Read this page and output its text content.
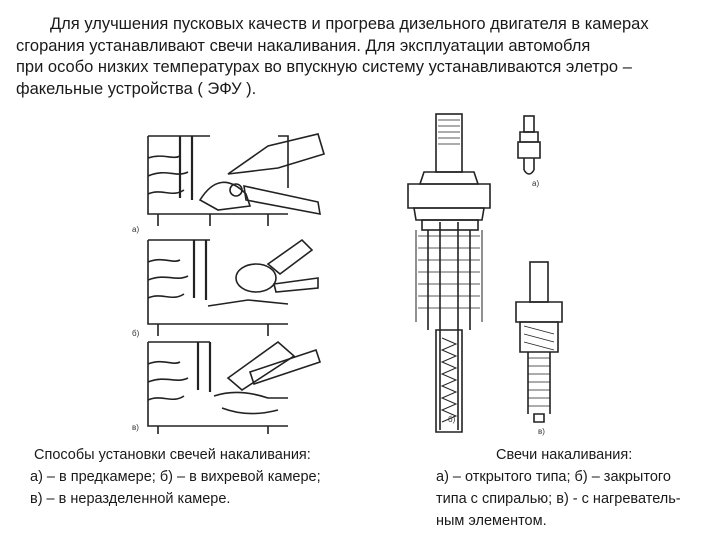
Для улучшения пусковых качеств и прогрева дизельного двигателя в камерах
сгорания устанавливают свечи накаливания. Для эксплуатации автомобля
при особо низких температурах во впускную систему устанавливаются элетро –
факельные устройства ( ЭФУ ).
а)
б)
в)
а)
б)
в)
Способы установки свечей накаливания:
а) – в предкамере; б) – в вихревой камере;
в) – в неразделенной камере.
Свечи накаливания:
а) – открытого типа; б) – закрытого
типа с спиралью; в) - с нагреватель-
ным элементом.
